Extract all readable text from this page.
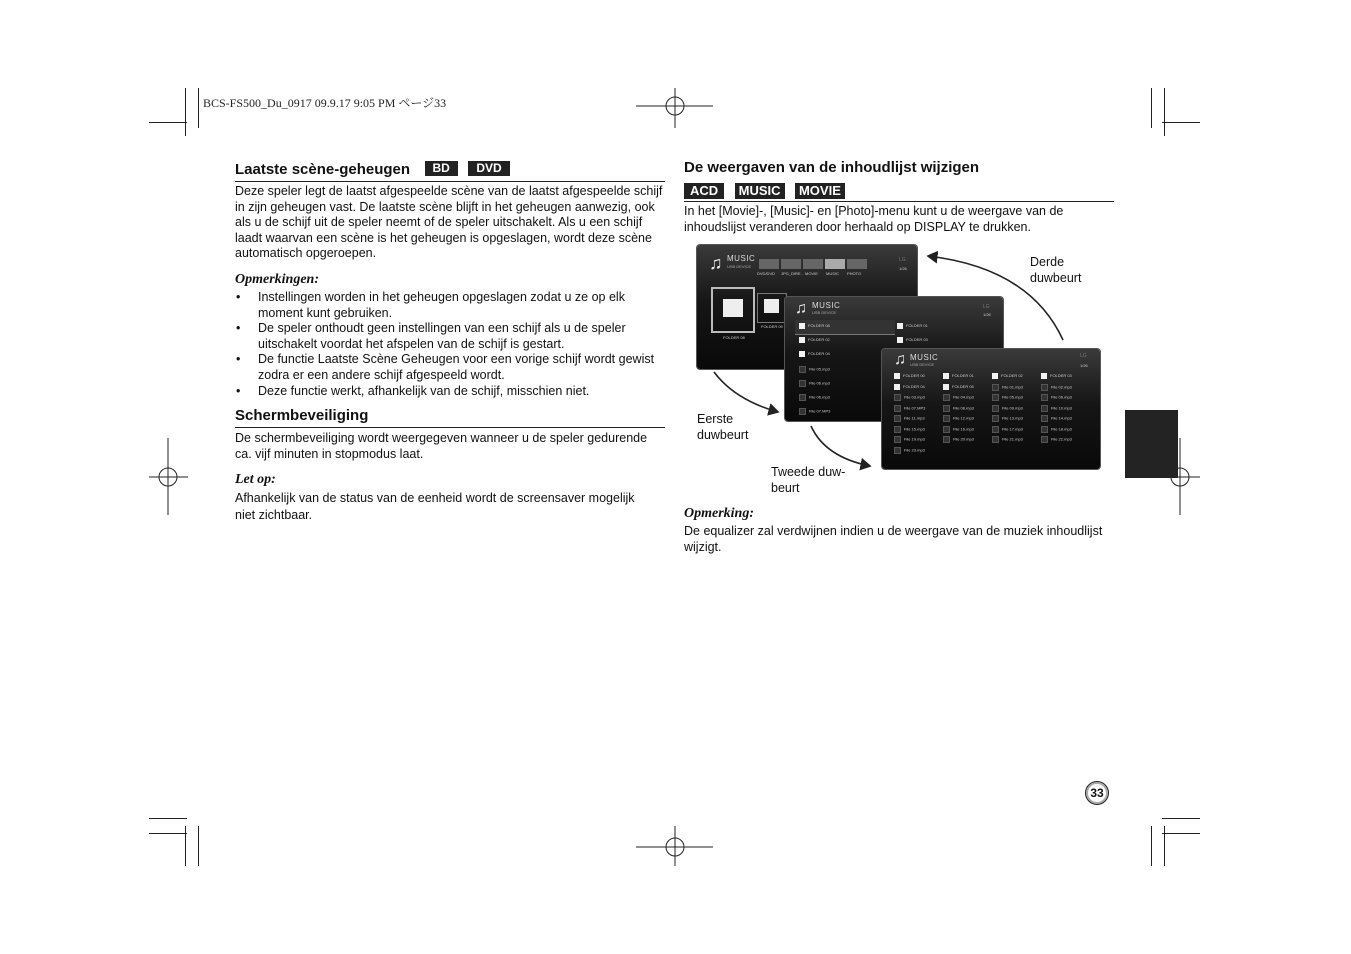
BCS-FS500_Du_0917 09.9.17 9:05 PM ページ33
Laatste scène-geheugen BD DVD
Deze speler legt de laatst afgespeelde scène van de laatst afgespeelde schijf in zijn geheugen vast. De laatste scène blijft in het geheugen aanwezig, ook als u de schijf uit de speler neemt of de speler uitschakelt. Als u een schijf laadt waarvan een scène is het geheugen is opgeslagen, wordt deze scène automatisch opgeroepen.
Opmerkingen:
• Instellingen worden in het geheugen opgeslagen zodat u ze op elk moment kunt gebruiken.
• De speler onthoudt geen instellingen van een schijf als u de speler uitschakelt voordat het afspelen van de schijf is gestart.
• De functie Laatste Scène Geheugen voor een vorige schijf wordt gewist zodra er een andere schijf afgespeeld wordt.
• Deze functie werkt, afhankelijk van de schijf, misschien niet.
Schermbeveiliging
De schermbeveiliging wordt weergegeven wanneer u de speler gedurende ca. vijf minuten in stopmodus laat.
Let op:
Afhankelijk van de status van de eenheid wordt de screensaver mogelijk niet zichtbaar.
De weergaven van de inhoudlijst wijzigen
ACD MUSIC MOVIE
In het [Movie]-, [Music]- en [Photo]-menu kunt u de weergave van de inhoudslijst veranderen door herhaald op DISPLAY te drukken.
♫ MUSIC
USB DEVICE
DVD/DVD JPG_DIRE.. MOVIE MUSIC PHOTO
LG
1/26
FOLDER 08
FOLDER 09
♫ MUSIC
USB DEVICE
LG
1/26
FOLDER 08
FOLDER 02
FOLDER 04
File 05.mp3
File 06.mp3
File 06.mp3
File 07.MP3
FOLDER 01
FOLDER 03
♫ MUSIC
USB DEVICE
LG
1/26
FOLDER 00
FOLDER 04
File 03.mp3
File 07.MP3
File 11.mp3
File 15.mp3
File 19.mp3
File 23.mp3
FOLDER 01
FOLDER 05
File 04.mp3
File 08.mp3
File 12.mp3
File 16.mp3
File 20.mp3
FOLDER 02
File 01.mp3
File 05.mp3
File 09.mp3
File 13.mp3
File 17.mp3
File 21.mp3
FOLDER 03
File 02.mp3
File 06.mp3
File 10.mp3
File 14.mp3
File 18.mp3
File 22.mp3
Eerste
duwbeurt
Tweede duw-
beurt
Derde
duwbeurt
Opmerking:
De equalizer zal verdwijnen indien u de weergave van de muziek inhoudlijst wijzigt.
33
